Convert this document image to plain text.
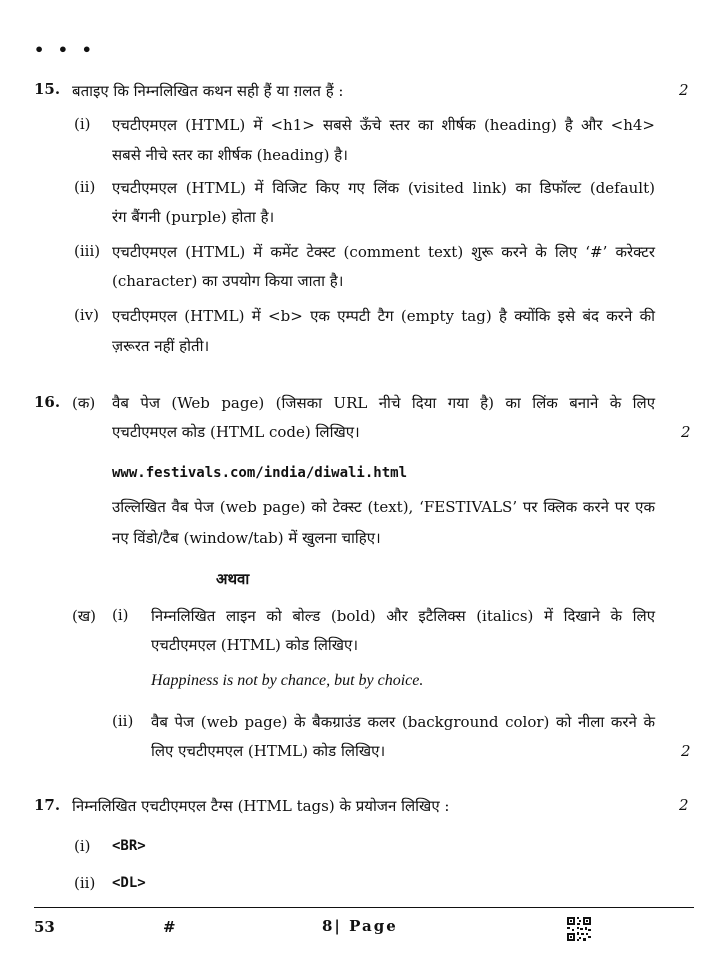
• • •
15. बताइए कि निम्नलिखित कथन सही हैं या ग़लत हैं :	2
(i) एचटीएमएल (HTML) में <h1> सबसे ऊँचे स्तर का शीर्षक (heading) है और <h4>
सबसे नीचे स्तर का शीर्षक (heading) है।
(ii) एचटीएमएल (HTML) में विजिट किए गए लिंक (visited link) का डिफॉल्ट (default)
रंग बैंगनी (purple) होता है।
(iii) एचटीएमएल (HTML) में कमेंट टेक्स्ट (comment text) शुरू करने के लिए ‘#’ करेक्टर
(character) का उपयोग किया जाता है।
(iv) एचटीएमएल (HTML) में <b> एक एम्पटी टैग (empty tag) है क्योंकि इसे बंद करने की
ज़रूरत नहीं होती।
16. (क) वैब पेज (Web page) (जिसका URL नीचे दिया गया है) का लिंक बनाने के लिए
एचटीएमएल कोड (HTML code) लिखिए।	2
www.festivals.com/india/diwali.html
उल्लिखित वैब पेज (web page) को टेक्स्ट (text), ‘FESTIVALS’ पर क्लिक करने पर एक
नए विंडो/टैब (window/tab) में खुलना चाहिए।
अथवा
(ख) (i) निम्नलिखित लाइन को बोल्ड (bold) और इटैलिक्स (italics) में दिखाने के लिए
एचटीएमएल (HTML) कोड लिखिए।
Happiness is not by chance, but by choice.
(ii) वैब पेज (web page) के बैकग्राउंड कलर (background color) को नीला करने के
लिए एचटीएमएल (HTML) कोड लिखिए।	2
17. निम्नलिखित एचटीएमएल टैग्स (HTML tags) के प्रयोजन लिखिए :	2
(i) <BR>
(ii) <DL>
53	#	8| Page
